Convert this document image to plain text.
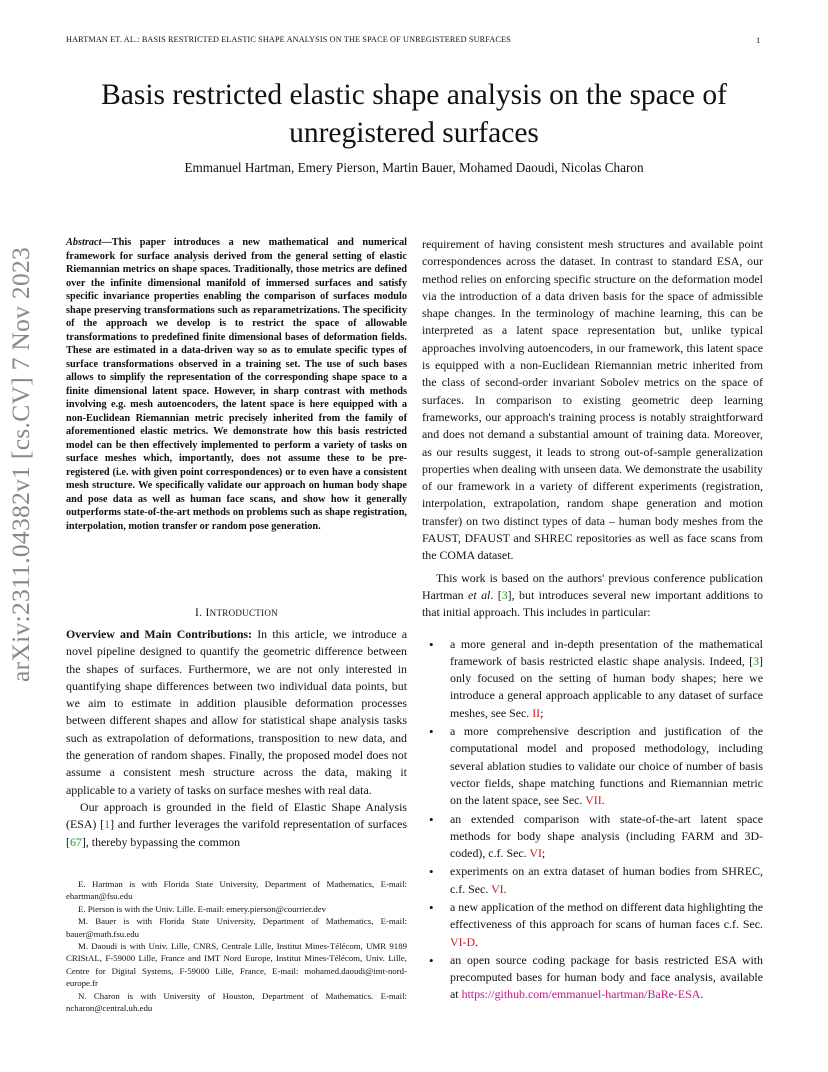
HARTMAN ET. AL.: BASIS RESTRICTED ELASTIC SHAPE ANALYSIS ON THE SPACE OF UNREGISTERED SURFACES	1
Basis restricted elastic shape analysis on the space of unregistered surfaces
Emmanuel Hartman, Emery Pierson, Martin Bauer, Mohamed Daoudi, Nicolas Charon
arXiv:2311.04382v1 [cs.CV] 7 Nov 2023
Abstract—This paper introduces a new mathematical and numerical framework for surface analysis derived from the general setting of elastic Riemannian metrics on shape spaces. Traditionally, those metrics are defined over the infinite dimensional manifold of immersed surfaces and satisfy specific invariance properties enabling the comparison of surfaces modulo shape preserving transformations such as reparametrizations. The specificity of the approach we develop is to restrict the space of allowable transformations to predefined finite dimensional bases of deformation fields. These are estimated in a data-driven way so as to emulate specific types of surface transformations observed in a training set. The use of such bases allows to simplify the representation of the corresponding shape space to a finite dimensional latent space. However, in sharp contrast with methods involving e.g. mesh autoencoders, the latent space is here equipped with a non-Euclidean Riemannian metric precisely inherited from the family of aforementioned elastic metrics. We demonstrate how this basis restricted model can be then effectively implemented to perform a variety of tasks on surface meshes which, importantly, does not assume these to be pre-registered (i.e. with given point correspondences) or to even have a consistent mesh structure. We specifically validate our approach on human body shape and pose data as well as human face scans, and show how it generally outperforms state-of-the-art methods on problems such as shape registration, interpolation, motion transfer or random pose generation.
I. INTRODUCTION

Overview and Main Contributions: In this article, we introduce a novel pipeline designed to quantify the geometric difference between the shapes of surfaces. Furthermore, we are not only interested in quantifying shape differences between two individual data points, but we aim to estimate in addition plausible deformation processes between different shapes and allow for statistical shape analysis tasks such as extrapolation of deformations, transposition to new data, and the generation of random shapes. Finally, the proposed model does not assume a consistent mesh structure across the data, making it applicable to a variety of tasks on surface meshes with real data.

Our approach is grounded in the field of Elastic Shape Analysis (ESA) [1] and further leverages the varifold representation of surfaces [67], thereby bypassing the common

E. Hartman is with Florida State University, Department of Mathematics, E-mail: ehartman@fsu.edu

E. Pierson is with the Univ. Lille. E-mail: emery.pierson@courrier.dev

M. Bauer is with Florida State University, Department of Mathematics, E-mail: bauer@math.fsu.edu

M. Daoudi is with Univ. Lille, CNRS, Centrale Lille, Institut Mines-Télécom, UMR 9189 CRIStAL, F-59000 Lille, France and IMT Nord Europe, Institut Mines-Télécom, Univ. Lille, Centre for Digital Systems, F-59000 Lille, France, E-mail: mohamed.daoudi@imt-nord-europe.fr

N. Charon is with University of Houston, Department of Mathematics. E-mail: ncharon@central.uh.edu

requirement of having consistent mesh structures and available point correspondences across the dataset. In contrast to standard ESA, our method relies on enforcing specific structure on the deformation model via the introduction of a data driven basis for the space of admissible shape changes. In the terminology of machine learning, this can be interpreted as a latent space representation but, unlike typical approaches involving autoencoders, in our framework, this latent space is equipped with a non-Euclidean Riemannian metric inherited from the class of second-order invariant Sobolev metrics on the space of surfaces. In comparison to existing geometric deep learning frameworks, our approach's training process is notably straightforward and does not demand a substantial amount of training data. Moreover, as our results suggest, it leads to strong out-of-sample generalization properties when dealing with unseen data. We demonstrate the usability of our framework in a variety of different experiments (registration, interpolation, extrapolation, random shape generation and motion transfer) on two distinct types of data – human body meshes from the FAUST, DFAUST and SHREC repositories as well as face scans from the COMA dataset.

This work is based on the authors' previous conference publication Hartman et al. [3], but introduces several new important additions to that initial approach. This includes in particular:

• a more general and in-depth presentation of the mathematical framework of basis restricted elastic shape analysis. Indeed, [3] only focused on the setting of human body shapes; here we introduce a general approach applicable to any dataset of surface meshes, see Sec. II;
• a more comprehensive description and justification of the computational model and proposed methodology, including several ablation studies to validate our choice of number of basis vector fields, shape matching functions and Riemannian metric on the latent space, see Sec. VII.
• an extended comparison with state-of-the-art latent space methods for body shape analysis (including FARM and 3D-coded), c.f. Sec. VI;
• experiments on an extra dataset of human bodies from SHREC, c.f. Sec. VI.
• a new application of the method on different data highlighting the effectiveness of this approach for scans of human faces c.f. Sec. VI-D.
• an open source coding package for basis restricted ESA with precomputed bases for human body and face analysis, available at https://github.com/emmanuel-hartman/BaRe-ESA.
